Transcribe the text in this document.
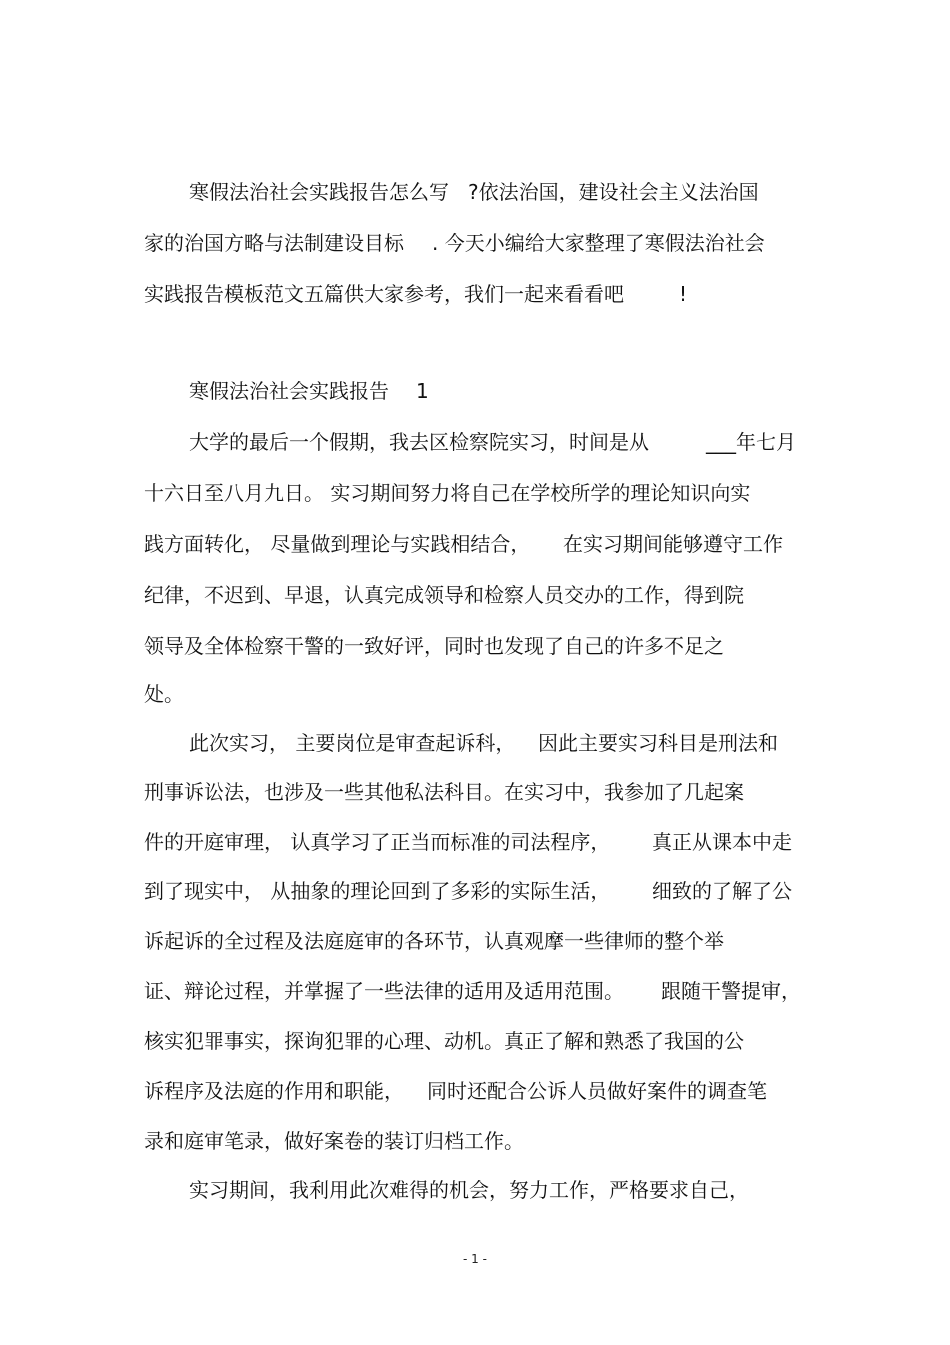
寒假法治社会实践报告怎么写

?依法治国，建设社会主义法治国

家的治国方略与法制建设目标

. 今天小编给大家整理了寒假法治社会

实践报告模板范文五篇供大家参考，我们一起来看看吧

	!

寒假法治社会实践报告

1

大学的最后一个假期，我去区检察院实习，时间是从

	___年七月

十六日至八月九日。 实习期间努力将自己在学校所学的理论知识向实

践方面转化， 尽量做到理论与实践相结合，

在实习期间能够遵守工作

纪律，不迟到、早退，认真完成领导和检察人员交办的工作，得到院

领导及全体检察干警的一致好评，同时也发现了自己的许多不足之

处。

此次实习， 主要岗位是审查起诉科，

因此主要实习科目是刑法和

刑事诉讼法，也涉及一些其他私法科目。在实习中，我参加了几起案

件的开庭审理， 认真学习了正当而标准的司法程序，

真正从课本中走

到了现实中， 从抽象的理论回到了多彩的实际生活，

细致的了解了公

诉起诉的全过程及法庭庭审的各环节，认真观摩一些律师的整个举

证、辩论过程，并掌握了一些法律的适用及适用范围。

跟随干警提审，

核实犯罪事实，探询犯罪的心理、动机。真正了解和熟悉了我国的公

诉程序及法庭的作用和职能，

同时还配合公诉人员做好案件的调查笔

录和庭审笔录，做好案卷的装订归档工作。

实习期间，我利用此次难得的机会，努力工作，严格要求自己，

- 1 -
